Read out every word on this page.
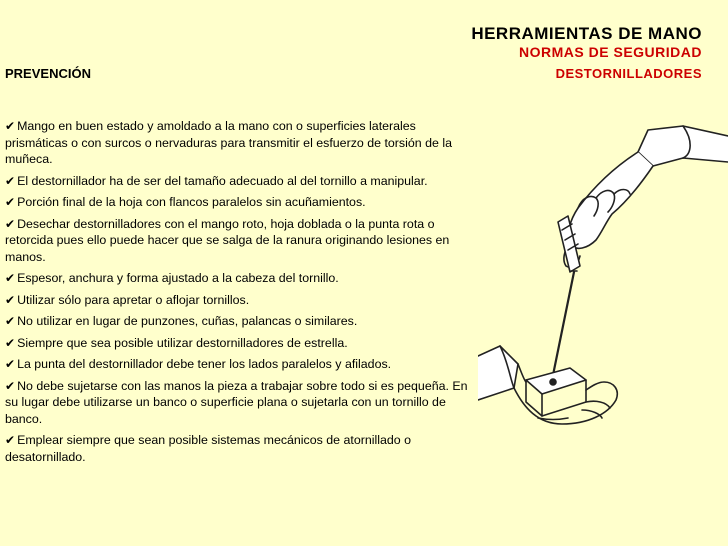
HERRAMIENTAS DE MANO
NORMAS DE SEGURIDAD
DESTORNILLADORES
PREVENCIÓN
✔ Mango en buen estado y amoldado a la mano con o superficies laterales prismáticas o con surcos o nervaduras para transmitir el esfuerzo de torsión de la muñeca.
✔ El destornillador ha de ser del tamaño adecuado al del tornillo a manipular.
✔ Porción final de la hoja con flancos paralelos sin acuñamientos.
✔ Desechar destornilladores con el mango roto, hoja doblada o la punta rota o retorcida pues ello puede hacer que se salga de la ranura originando lesiones en manos.
✔ Espesor, anchura y forma ajustado a la cabeza del tornillo.
✔ Utilizar sólo para apretar o aflojar tornillos.
✔ No utilizar en lugar de punzones, cuñas, palancas o similares.
✔ Siempre que sea posible utilizar destornilladores de estrella.
✔ La punta del destornillador debe tener los lados paralelos y afilados.
✔ No debe sujetarse con las manos la pieza a trabajar sobre todo si es pequeña. En su lugar debe utilizarse un banco o superficie plana o sujetarla con un tornillo de banco.
✔ Emplear siempre que sean posible sistemas mecánicos de atornillado o desatornillado.
